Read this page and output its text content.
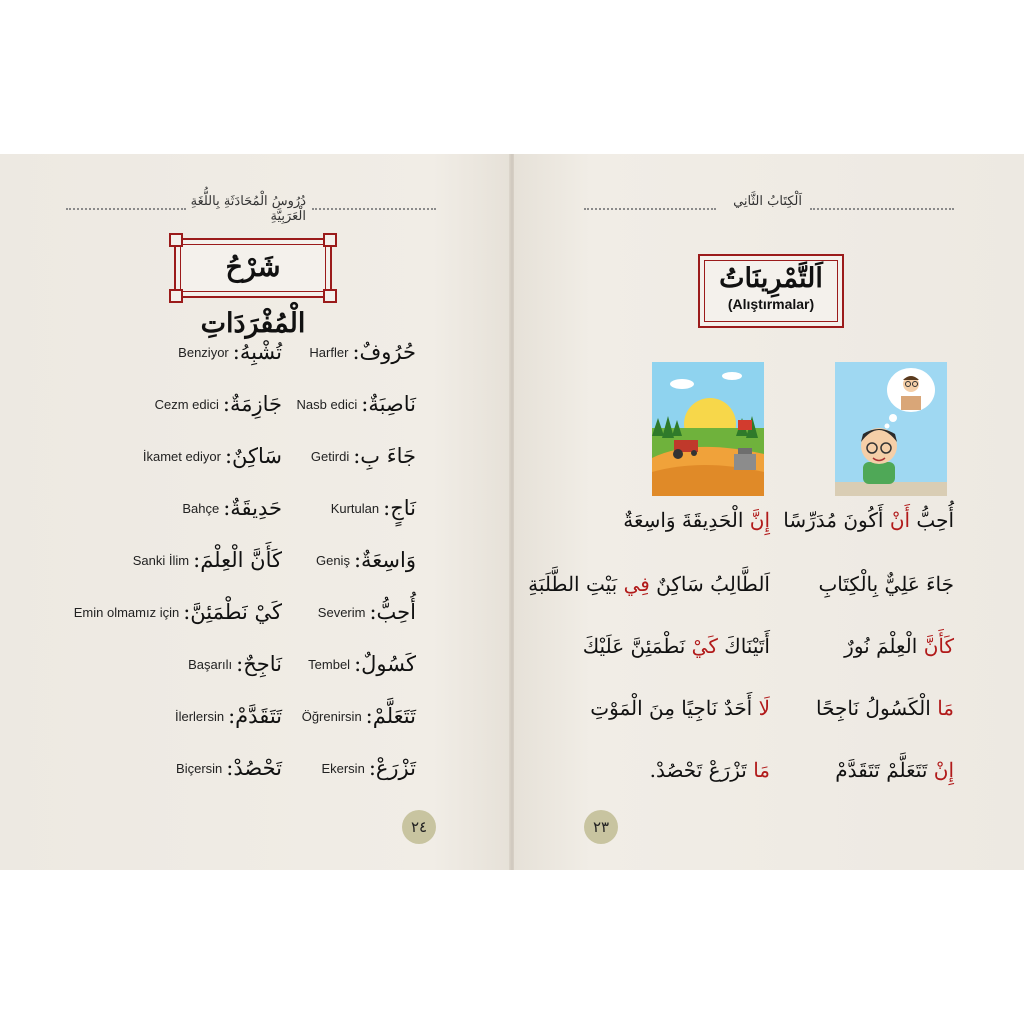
دُرُوسُ الْمُحَادَثَةِ بِاللُّغَةِ الْعَرَبِيَّةِ
شَرْحُ الْمُفْرَدَاتِ
حُرُوفٌ:
Harfler
تُشْبِهُ:
Benziyor
نَاصِبَةٌ:
Nasb edici
جَازِمَةٌ:
Cezm edici
جَاءَ بِ:
Getirdi
سَاكِنٌ:
İkamet ediyor
نَاجٍ:
Kurtulan
حَدِيقَةٌ:
Bahçe
وَاسِعَةٌ:
Geniş
كَأَنَّ الْعِلْمَ:
Sanki İlim
أُحِبُّ:
Severim
كَيْ نَطْمَئِنَّ:
Emin olmamız için
كَسُولٌ:
Tembel
نَاجِحٌ:
Başarılı
تَتَعَلَّمْ:
Öğrenirsin
تَتَقَدَّمْ:
İlerlersin
تَزْرَعْ:
Ekersin
تَحْصُدْ:
Biçersin
٢٤
اَلْكِتَابُ الثَّانِي
اَلتَّمْرِينَاتُ
(Alıştırmalar)
أُحِبُّ أَنْ أَكُونَ مُدَرِّسًا
إِنَّ الْحَدِيقَةَ وَاسِعَةٌ
جَاءَ عَلِيٌّ بِالْكِتَابِ
اَلطَّالِبُ سَاكِنٌ فِي بَيْتِ الطَّلَبَةِ
كَأَنَّ الْعِلْمَ نُورٌ
أَتَيْنَاكَ كَيْ نَطْمَئِنَّ عَلَيْكَ
مَا الْكَسُولُ نَاجِحًا
لَا أَحَدٌ نَاجِيًا مِنَ الْمَوْتِ
إِنْ تَتَعَلَّمْ تَتَقَدَّمْ
مَا تَزْرَعْ تَحْصُدْ.
٢٣
